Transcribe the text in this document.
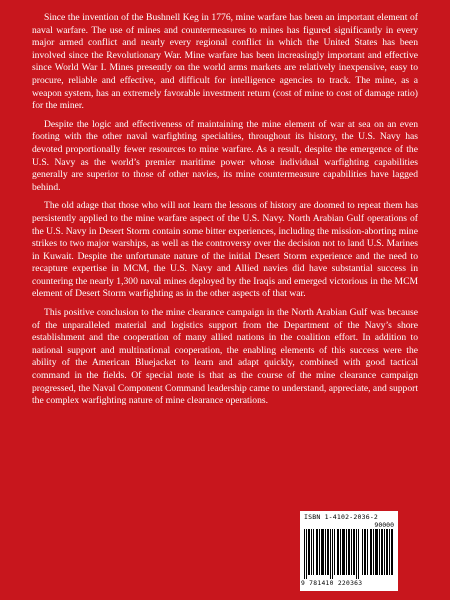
Since the invention of the Bushnell Keg in 1776, mine warfare has been an important element of naval warfare. The use of mines and countermeasures to mines has figured significantly in every major armed conflict and nearly every regional conflict in which the United States has been involved since the Revolutionary War. Mine warfare has been increasingly important and effective since World War I. Mines presently on the world arms markets are relatively inexpensive, easy to procure, reliable and effective, and difficult for intelligence agencies to track. The mine, as a weapon system, has an extremely favorable investment return (cost of mine to cost of damage ratio) for the miner.

Despite the logic and effectiveness of maintaining the mine element of war at sea on an even footing with the other naval warfighting specialties, throughout its history, the U.S. Navy has devoted proportionally fewer resources to mine warfare. As a result, despite the emergence of the U.S. Navy as the world’s premier maritime power whose individual warfighting capabilities generally are superior to those of other navies, its mine countermeasure capabilities have lagged behind.

The old adage that those who will not learn the lessons of history are doomed to repeat them has persistently applied to the mine warfare aspect of the U.S. Navy. North Arabian Gulf operations of the U.S. Navy in Desert Storm contain some bitter experiences, including the mission-aborting mine strikes to two major warships, as well as the controversy over the decision not to land U.S. Marines in Kuwait. Despite the unfortunate nature of the initial Desert Storm experience and the need to recapture expertise in MCM, the U.S. Navy and Allied navies did have substantial success in countering the nearly 1,300 naval mines deployed by the Iraqis and emerged victorious in the MCM element of Desert Storm warfighting as in the other aspects of that war.

This positive conclusion to the mine clearance campaign in the North Arabian Gulf was because of the unparalleled material and logistics support from the Department of the Navy’s shore establishment and the cooperation of many allied nations in the coalition effort. In addition to national support and multinational cooperation, the enabling elements of this success were the ability of the American Bluejacket to learn and adapt quickly, combined with good tactical command in the fields. Of special note is that as the course of the mine clearance campaign progressed, the Naval Component Command leadership came to understand, appreciate, and support the complex warfighting nature of mine clearance operations.

ISBN 1-4102-2036-2
90000
9 781410 220363
